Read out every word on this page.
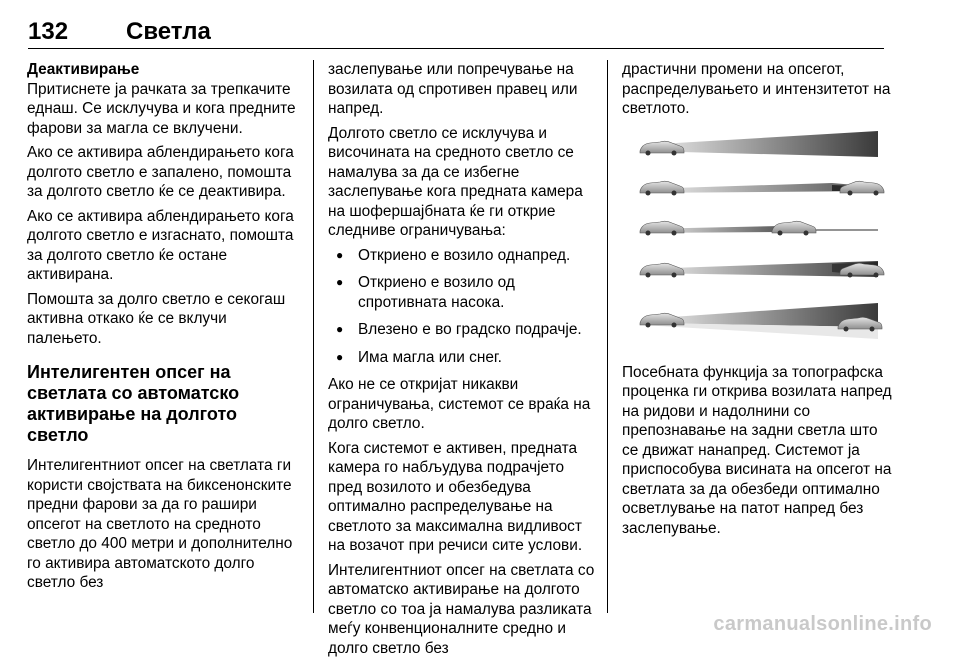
132 Светла
Деактивирање

Притиснете ја рачката за трепкачите еднаш. Се исклучува и кога предните фарови за магла се вклучени.

Ако се активира аблендирањето кога долгото светло е запалено, помошта за долгото светло ќе се деактивира.

Ако се активира аблендирањето кога долгото светло е изгаснато, помошта за долгото светло ќе остане активирана.

Помошта за долго светло е секогаш активна откако ќе се вклучи палењето.

Интелигентен опсег на светлата со автоматско активирање на долгото светло

Интелигентниот опсег на светлата ги користи својствата на биксенонските предни фарови за да го рашири опсегот на светлото на средното светло до 400 метри и дополнително го активира автоматското долго светло без

заслепување или попречување на возилата од спротивен правец или напред.

Долгото светло се исклучува и височината на средното светло се намалува за да се избегне заслепување кога предната камера на шофершајбната ќе ги открие следниве ограничувања:

● Откриено е возило однапред.
● Откриено е возило од спротивната насока.
● Влезено е во градско подрачје.
● Има магла или снег.

Ако не се откријат никакви ограничувања, системот се враќа на долго светло.

Кога системот е активен, предната камера го набљудува подрачјето пред возилото и обезбедува оптимално распределување на светлото за максимална видливост на возачот при речиси сите услови.

Интелигентниот опсег на светлата со автоматско активирање на долгото светло со тоа ја намалува разликата меѓу конвенционалните средно и долго светло без

драстични промени на опсегот, распределувањето и интензитетот на светлото.

Посебната функција за топографска проценка ги открива возилата напред на ридови и надолнини со препознавање на задни светла што се движат нанапред. Системот ја приспособува висината на опсегот на светлата за да обезбеди оптимално осветлување на патот напред без заслепување.

carmanualsonline.info
